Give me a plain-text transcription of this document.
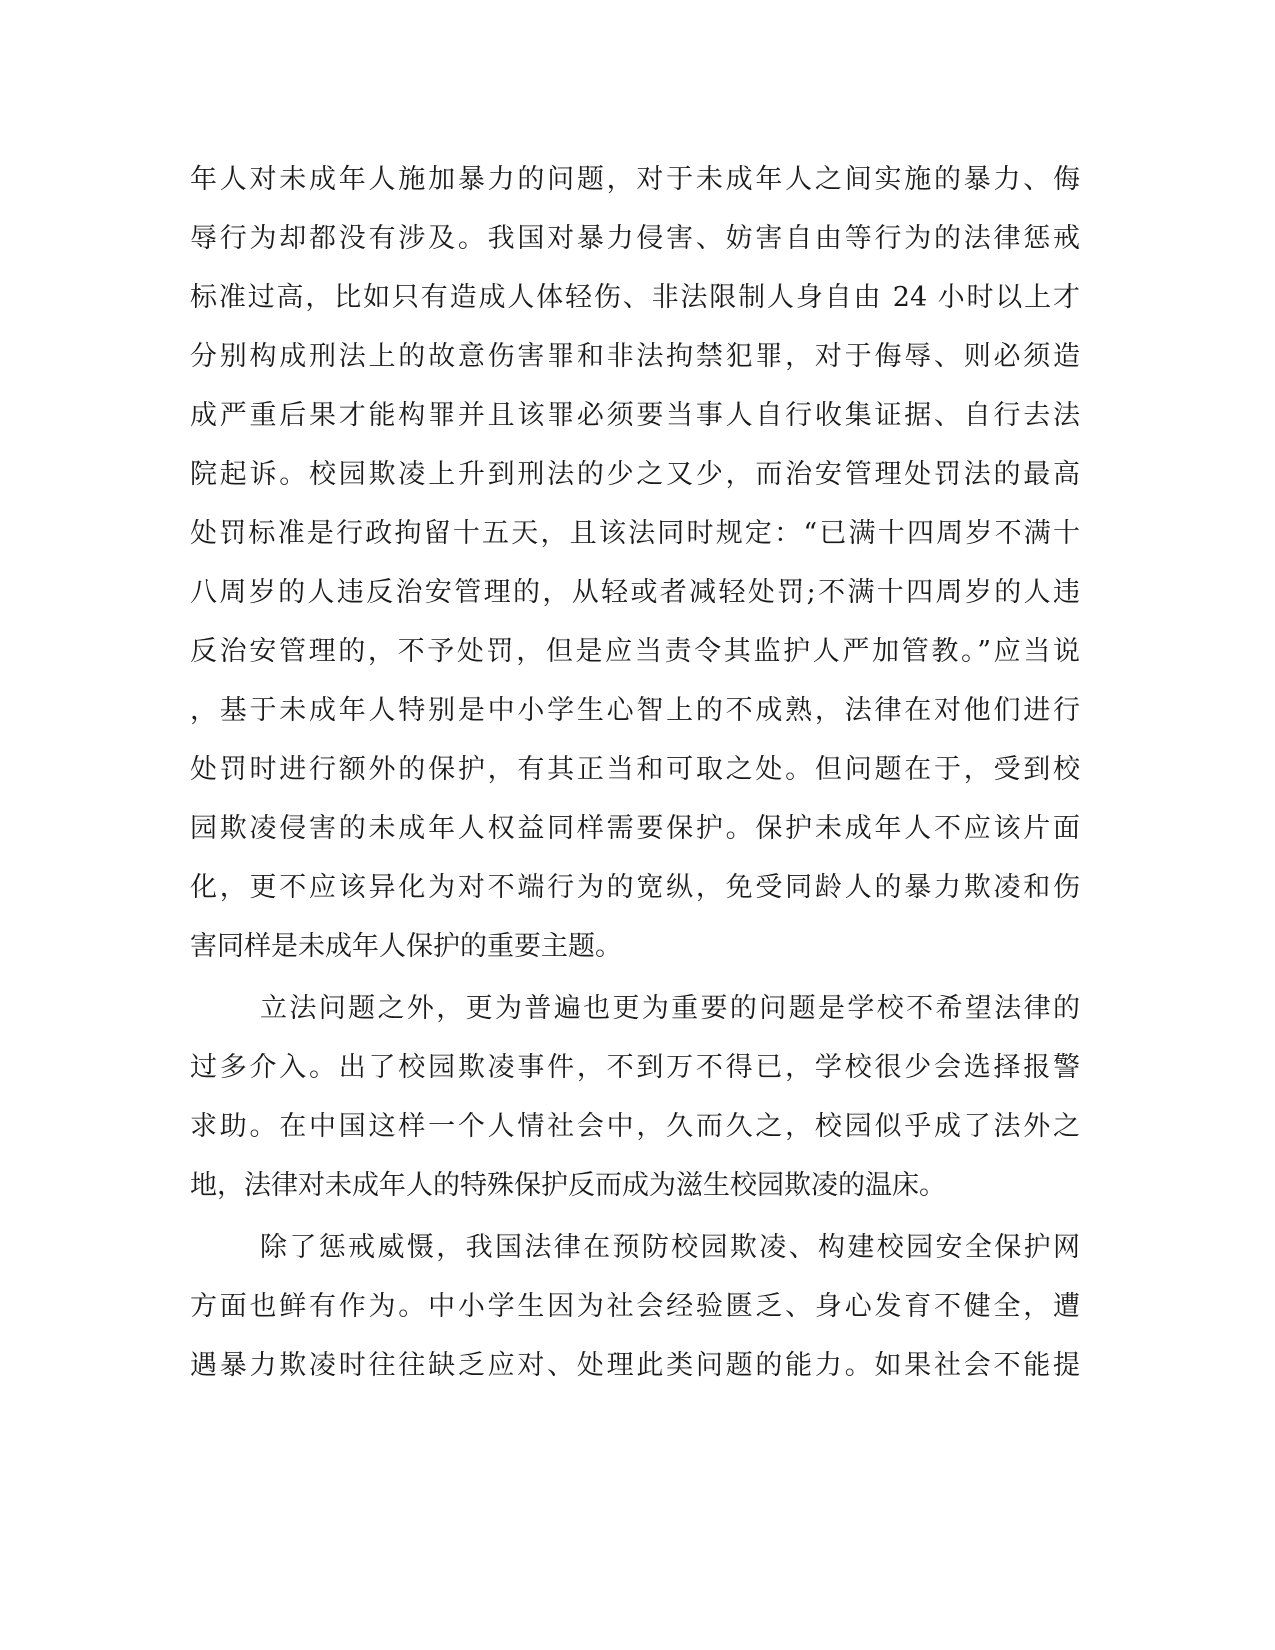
年人对未成年人施加暴力的问题，对于未成年人之间实施的暴力、侮
辱行为却都没有涉及。我国对暴力侵害、妨害自由等行为的法律惩戒
标准过高，比如只有造成人体轻伤、非法限制人身自由 24 小时以上才
分别构成刑法上的故意伤害罪和非法拘禁犯罪，对于侮辱、则必须造
成严重后果才能构罪并且该罪必须要当事人自行收集证据、自行去法
院起诉。校园欺凌上升到刑法的少之又少，而治安管理处罚法的最高
处罚标准是行政拘留十五天，且该法同时规定：“已满十四周岁不满十
八周岁的人违反治安管理的，从轻或者减轻处罚;不满十四周岁的人违
反治安管理的，不予处罚，但是应当责令其监护人严加管教。”应当说
，基于未成年人特别是中小学生心智上的不成熟，法律在对他们进行
处罚时进行额外的保护，有其正当和可取之处。但问题在于，受到校
园欺凌侵害的未成年人权益同样需要保护。保护未成年人不应该片面
化，更不应该异化为对不端行为的宽纵，免受同龄人的暴力欺凌和伤
害同样是未成年人保护的重要主题。
立法问题之外，更为普遍也更为重要的问题是学校不希望法律的
过多介入。出了校园欺凌事件，不到万不得已，学校很少会选择报警
求助。在中国这样一个人情社会中，久而久之，校园似乎成了法外之
地，法律对未成年人的特殊保护反而成为滋生校园欺凌的温床。
除了惩戒威慑，我国法律在预防校园欺凌、构建校园安全保护网
方面也鲜有作为。中小学生因为社会经验匮乏、身心发育不健全，遭
遇暴力欺凌时往往缺乏应对、处理此类问题的能力。如果社会不能提
